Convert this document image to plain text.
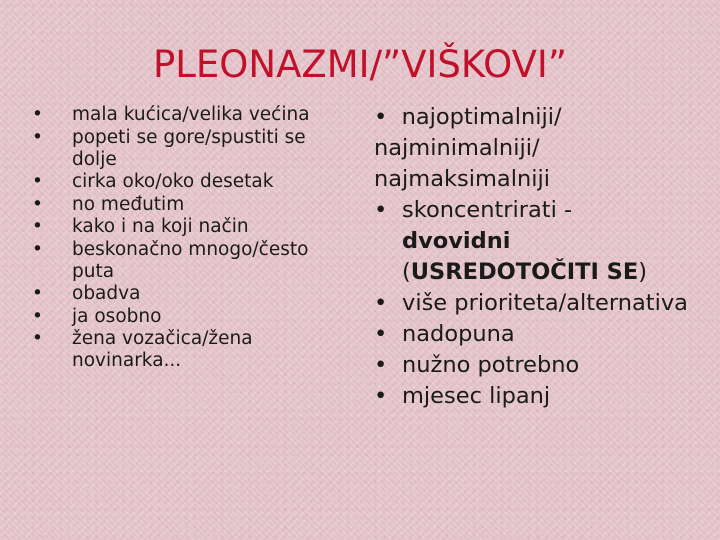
PLEONAZMI/”VIŠKOVI”
• mala kućica/velika većina
• popeti se gore/spustiti se dolje
• cirka oko/oko desetak
• no međutim
• kako i na koji način
• beskonačno mnogo/često puta
• obadva
• ja osobno
• žena vozačica/žena novinarka...
• najoptimalniji/
najminimalniji/
najmaksimalniji
• skoncentrirati -
dvovidni
(USREDOTOČITI SE)
• više prioriteta/alternativa
• nadopuna
• nužno potrebno
• mjesec lipanj
